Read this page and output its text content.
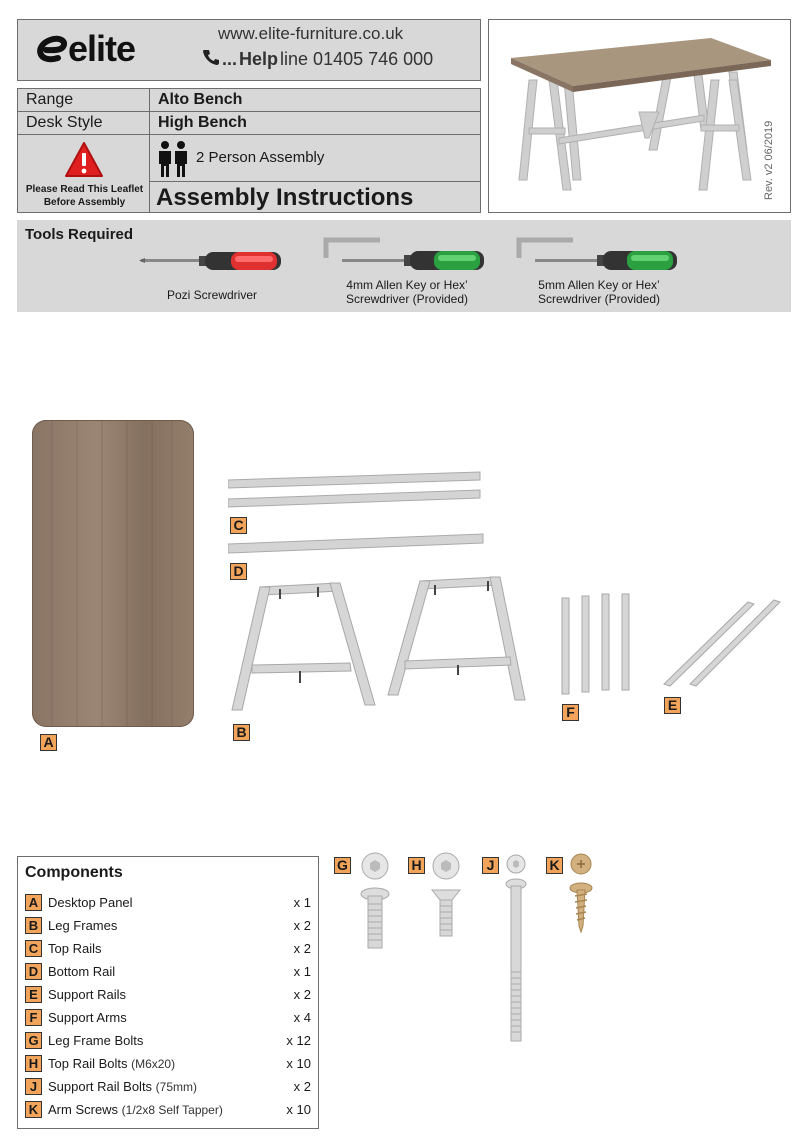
elite	www.elite-furniture.co.uk
... Help line 01405 746 000
Range	Alto Bench
Desk Style	High Bench
Please Read This Leaflet Before Assembly
2 Person Assembly
Assembly Instructions	Rev. v2 06/2019
Tools Required
Pozi Screwdriver
4mm Allen Key or Hex’ Screwdriver (Provided)
5mm Allen Key or Hex’ Screwdriver (Provided)
A
C
D
B
F	E
Components
A Desktop Panel	x 1
B Leg Frames	x 2
C Top Rails	x 2
D Bottom Rail	x 1
E Support Rails	x 2
F Support Arms	x 4
G Leg Frame Bolts	x 12
H Top Rail Bolts (M6x20)	x 10
J Support Rail Bolts (75mm)	x 2
K Arm Screws (1/2x8 Self Tapper)	x 10
G	H	J	K
